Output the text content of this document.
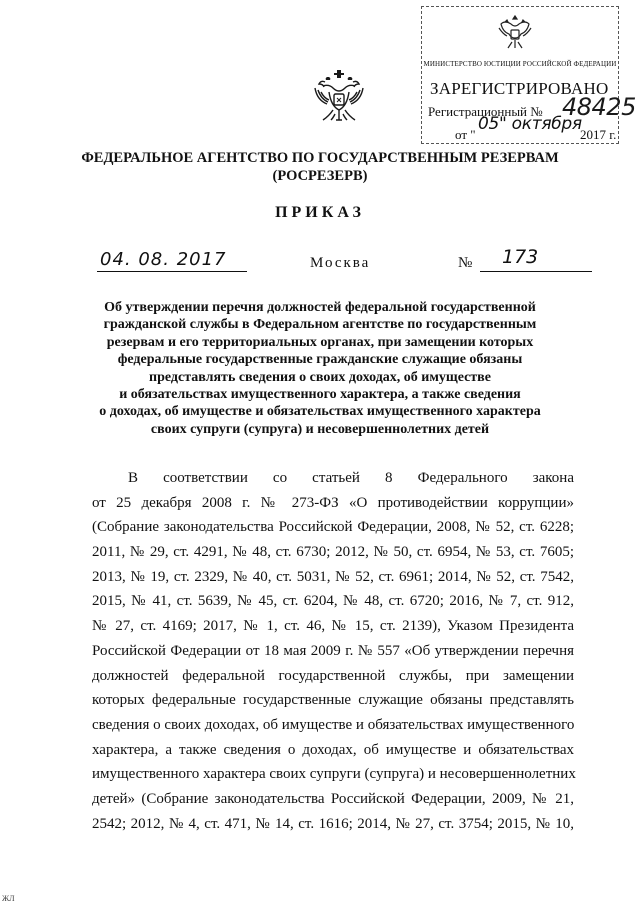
МИНИСТЕРСТВО ЮСТИЦИИ РОССИЙСКОЙ ФЕДЕРАЦИИ
ЗАРЕГИСТРИРОВАНО
Регистрационный № 48425
от "
05" октября
2017 г.
ФЕДЕРАЛЬНОЕ АГЕНТСТВО ПО ГОСУДАРСТВЕННЫМ РЕЗЕРВАМ
(РОСРЕЗЕРВ)
ПРИКАЗ
04. 08. 2017	Москва	№ 173
Об утверждении перечня должностей федеральной государственной
гражданской службы в Федеральном агентстве по государственным
резервам и его территориальных органах, при замещении которых
федеральные государственные гражданские служащие обязаны
представлять сведения о своих доходах, об имуществе
и обязательствах имущественного характера, а также сведения
о доходах, об имуществе и обязательствах имущественного характера
своих супруги (супруга) и несовершеннолетних детей
В соответствии со статьей 8 Федерального закона
от 25 декабря 2008 г. № 273-ФЗ «О противодействии коррупции»
(Собрание законодательства Российской Федерации, 2008, № 52, ст. 6228;
2011, № 29, ст. 4291, № 48, ст. 6730; 2012, № 50, ст. 6954, № 53, ст. 7605;
2013, № 19, ст. 2329, № 40, ст. 5031, № 52, ст. 6961; 2014, № 52, ст. 7542,
2015, № 41, ст. 5639, № 45, ст. 6204, № 48, ст. 6720; 2016, № 7, ст. 912,
№ 27, ст. 4169; 2017, № 1, ст. 46, № 15, ст. 2139), Указом Президента
Российской Федерации от 18 мая 2009 г. № 557 «Об утверждении перечня
должностей федеральной государственной службы, при замещении
которых федеральные государственные служащие обязаны представлять
сведения о своих доходах, об имуществе и обязательствах имущественного
характера, а также сведения о доходах, об имуществе и обязательствах
имущественного характера своих супруги (супруга) и несовершеннолетних
детей» (Собрание законодательства Российской Федерации, 2009, № 21,
2542; 2012, № 4, ст. 471, № 14, ст. 1616; 2014, № 27, ст. 3754; 2015, № 10,
ЖЛ
